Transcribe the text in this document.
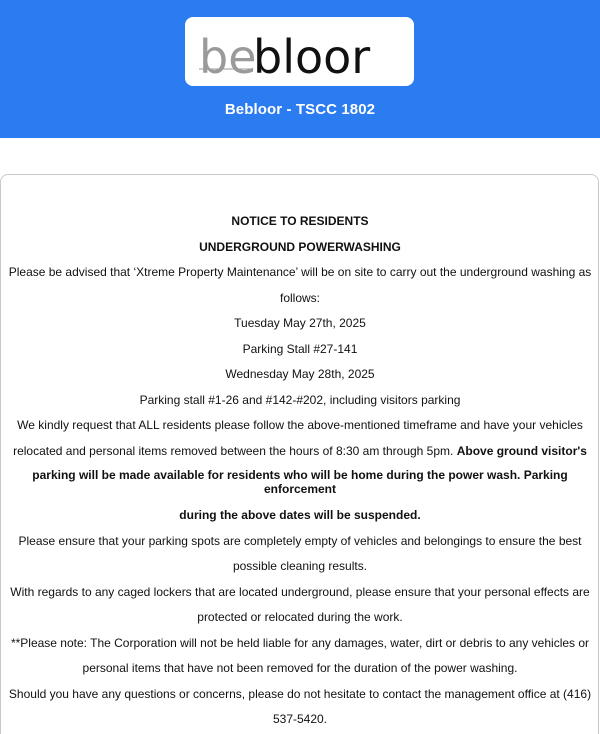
be
bloor
Bebloor - TSCC 1802

NOTICE TO RESIDENTS

UNDERGROUND POWERWASHING

Please be advised that ‘Xtreme Property Maintenance’ will be on site to carry out the underground washing as follows:

Tuesday May 27th, 2025

Parking Stall #27-141

Wednesday May 28th, 2025

Parking stall #1-26 and #142-#202, including visitors parking

We kindly request that ALL residents please follow the above-mentioned timeframe and have your vehicles relocated and personal items removed between the hours of 8:30 am through 5pm. Above ground visitor's

parking will be made available for residents who will be home during the power wash. Parking enforcement

during the above dates will be suspended.

Please ensure that your parking spots are completely empty of vehicles and belongings to ensure the best possible cleaning results.

With regards to any caged lockers that are located underground, please ensure that your personal effects are protected or relocated during the work.

**Please note: The Corporation will not be held liable for any damages, water, dirt or debris to any vehicles or personal items that have not been removed for the duration of the power washing.

Should you have any questions or concerns, please do not hesitate to contact the management office at (416) 537-5420.
